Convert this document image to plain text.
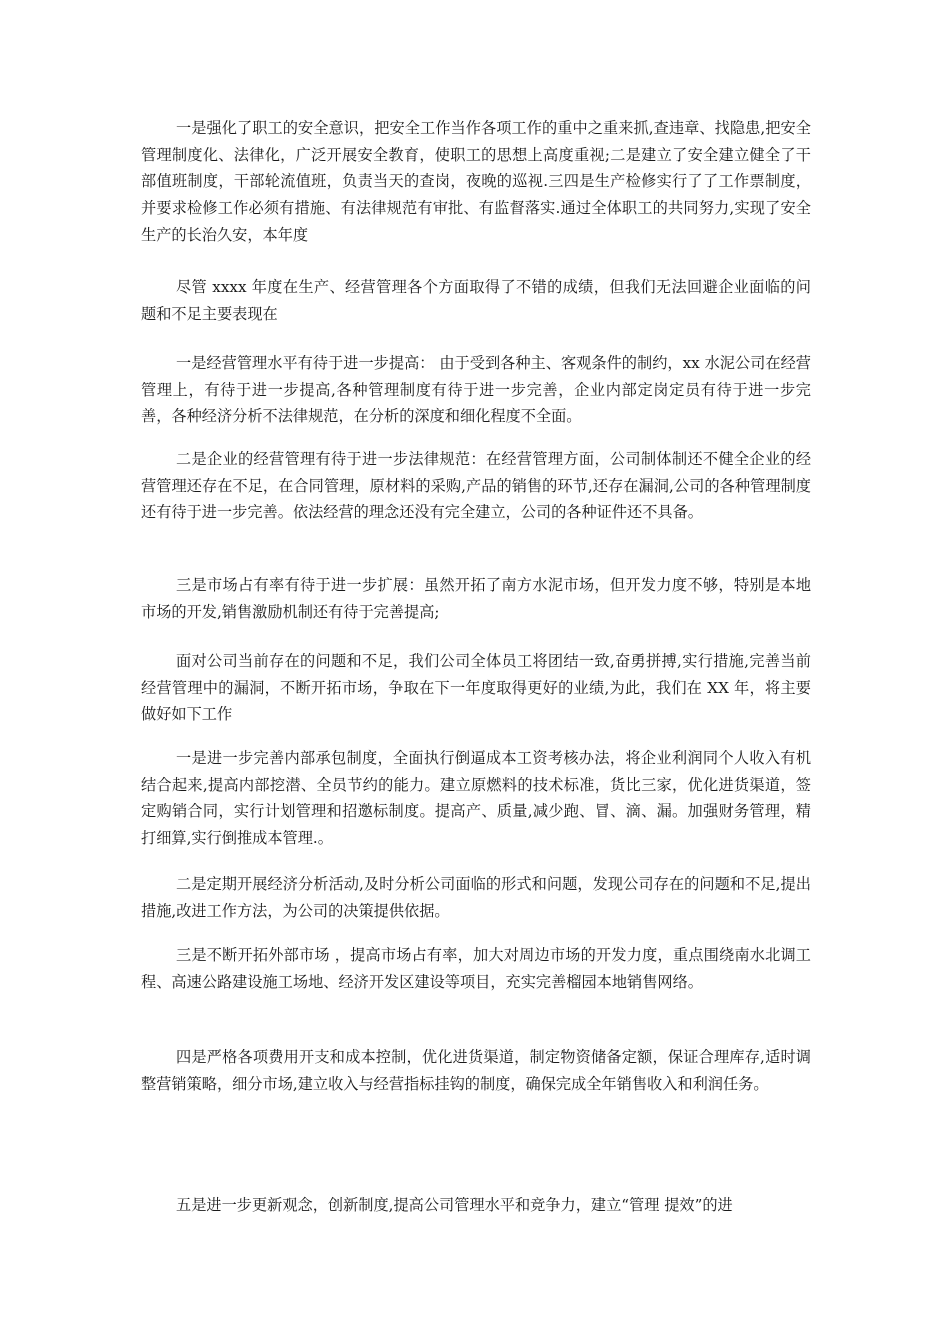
一是强化了职工的安全意识，把安全工作当作各项工作的重中之重来抓,查违章、找隐患,把安全管理制度化、法律化，广泛开展安全教育，使职工的思想上高度重视;二是建立了安全建立健全了干部值班制度，干部轮流值班，负责当天的查岗，夜晚的巡视.三四是生产检修实行了了工作票制度，并要求检修工作必须有措施、有法律规范有审批、有监督落实.通过全体职工的共同努力,实现了安全生产的长治久安，本年度

尽管 xxxx 年度在生产、经营管理各个方面取得了不错的成绩，但我们无法回避企业面临的问题和不足主要表现在

一是经营管理水平有待于进一步提高： 由于受到各种主、客观条件的制约，xx 水泥公司在经营管理上，有待于进一步提高,各种管理制度有待于进一步完善，企业内部定岗定员有待于进一步完善，各种经济分析不法律规范，在分析的深度和细化程度不全面。

二是企业的经营管理有待于进一步法律规范：在经营管理方面，公司制体制还不健全企业的经营管理还存在不足，在合同管理，原材料的采购,产品的销售的环节,还存在漏洞,公司的各种管理制度还有待于进一步完善。依法经营的理念还没有完全建立，公司的各种证件还不具备。

三是市场占有率有待于进一步扩展：虽然开拓了南方水泥市场，但开发力度不够，特别是本地市场的开发,销售激励机制还有待于完善提高;

面对公司当前存在的问题和不足，我们公司全体员工将团结一致,奋勇拼搏,实行措施,完善当前经营管理中的漏洞，不断开拓市场，争取在下一年度取得更好的业绩,为此，我们在 XX 年，将主要做好如下工作

一是进一步完善内部承包制度，全面执行倒逼成本工资考核办法，将企业利润同个人收入有机结合起来,提高内部挖潜、全员节约的能力。建立原燃料的技术标准，货比三家，优化进货渠道，签定购销合同，实行计划管理和招邀标制度。提高产、质量,减少跑、冒、滴、漏。加强财务管理，精打细算,实行倒推成本管理.。

二是定期开展经济分析活动,及时分析公司面临的形式和问题，发现公司存在的问题和不足,提出措施,改进工作方法，为公司的决策提供依据。

三是不断开拓外部市场 ，提高市场占有率，加大对周边市场的开发力度，重点围绕南水北调工程、高速公路建设施工场地、经济开发区建设等项目，充实完善榴园本地销售网络。

四是严格各项费用开支和成本控制，优化进货渠道，制定物资储备定额，保证合理库存,适时调整营销策略，细分市场,建立收入与经营指标挂钩的制度，确保完成全年销售收入和利润任务。

五是进一步更新观念，创新制度,提高公司管理水平和竞争力，建立“管理 提效”的进
